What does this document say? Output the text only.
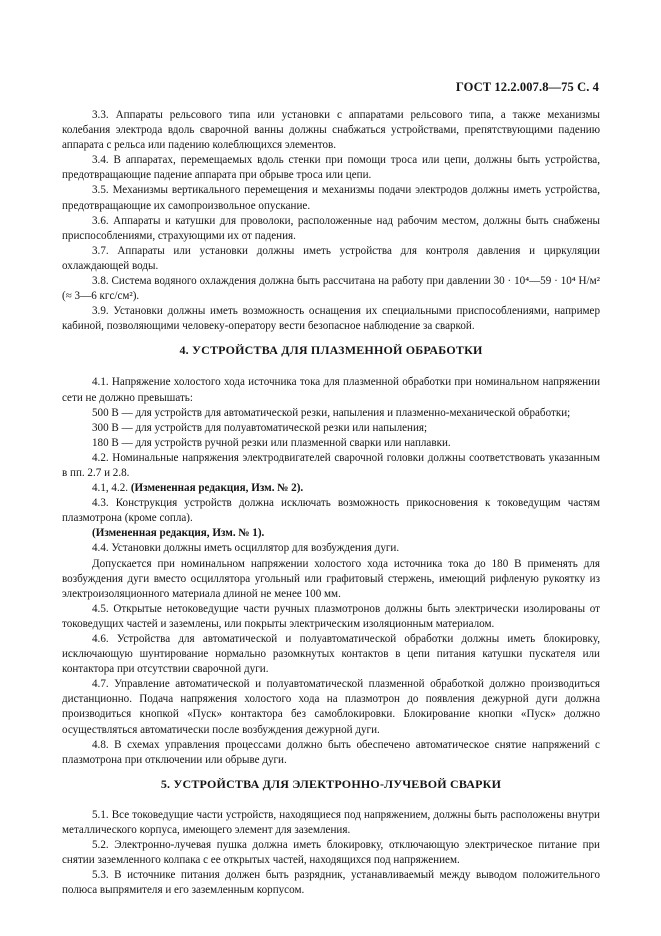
ГОСТ 12.2.007.8—75 С. 4

3.3. Аппараты рельсового типа или установки с аппаратами рельсового типа, а также механизмы колебания электрода вдоль сварочной ванны должны снабжаться устройствами, препятствующими падению аппарата с рельса или падению колеблющихся элементов.

3.4. В аппаратах, перемещаемых вдоль стенки при помощи троса или цепи, должны быть устройства, предотвращающие падение аппарата при обрыве троса или цепи.

3.5. Механизмы вертикального перемещения и механизмы подачи электродов должны иметь устройства, предотвращающие их самопроизвольное опускание.

3.6. Аппараты и катушки для проволоки, расположенные над рабочим местом, должны быть снабжены приспособлениями, страхующими их от падения.

3.7. Аппараты или установки должны иметь устройства для контроля давления и циркуляции охлаждающей воды.

3.8. Система водяного охлаждения должна быть рассчитана на работу при давлении 30 · 10⁴—59 · 10⁴ Н/м² (≈ 3—6 кгс/см²).

3.9. Установки должны иметь возможность оснащения их специальными приспособлениями, например кабиной, позволяющими человеку-оператору вести безопасное наблюдение за сваркой.

4. УСТРОЙСТВА ДЛЯ ПЛАЗМЕННОЙ ОБРАБОТКИ

4.1. Напряжение холостого хода источника тока для плазменной обработки при номинальном напряжении сети не должно превышать:

500 В — для устройств для автоматической резки, напыления и плазменно-механической обработки;

300 В — для устройств для полуавтоматической резки или напыления;

180 В — для устройств ручной резки или плазменной сварки или наплавки.

4.2. Номинальные напряжения электродвигателей сварочной головки должны соответствовать указанным в пп. 2.7 и 2.8.

4.1, 4.2. (Измененная редакция, Изм. № 2).

4.3. Конструкция устройств должна исключать возможность прикосновения к токоведущим частям плазмотрона (кроме сопла).

(Измененная редакция, Изм. № 1).

4.4. Установки должны иметь осциллятор для возбуждения дуги.

Допускается при номинальном напряжении холостого хода источника тока до 180 В применять для возбуждения дуги вместо осциллятора угольный или графитовый стержень, имеющий рифленую рукоятку из электроизоляционного материала длиной не менее 100 мм.

4.5. Открытые нетоковедущие части ручных плазмотронов должны быть электрически изолированы от токоведущих частей и заземлены, или покрыты электрическим изоляционным материалом.

4.6. Устройства для автоматической и полуавтоматической обработки должны иметь блокировку, исключающую шунтирование нормально разомкнутых контактов в цепи питания катушки пускателя или контактора при отсутствии сварочной дуги.

4.7. Управление автоматической и полуавтоматической плазменной обработкой должно производиться дистанционно. Подача напряжения холостого хода на плазмотрон до появления дежурной дуги должна производиться кнопкой «Пуск» контактора без самоблокировки. Блокирование кнопки «Пуск» должно осуществляться автоматически после возбуждения дежурной дуги.

4.8. В схемах управления процессами должно быть обеспечено автоматическое снятие напряжений с плазмотрона при отключении или обрыве дуги.

5. УСТРОЙСТВА ДЛЯ ЭЛЕКТРОННО-ЛУЧЕВОЙ СВАРКИ

5.1. Все токоведущие части устройств, находящиеся под напряжением, должны быть расположены внутри металлического корпуса, имеющего элемент для заземления.

5.2. Электронно-лучевая пушка должна иметь блокировку, отключающую электрическое питание при снятии заземленного колпака с ее открытых частей, находящихся под напряжением.

5.3. В источнике питания должен быть разрядник, устанавливаемый между выводом положительного полюса выпрямителя и его заземленным корпусом.
